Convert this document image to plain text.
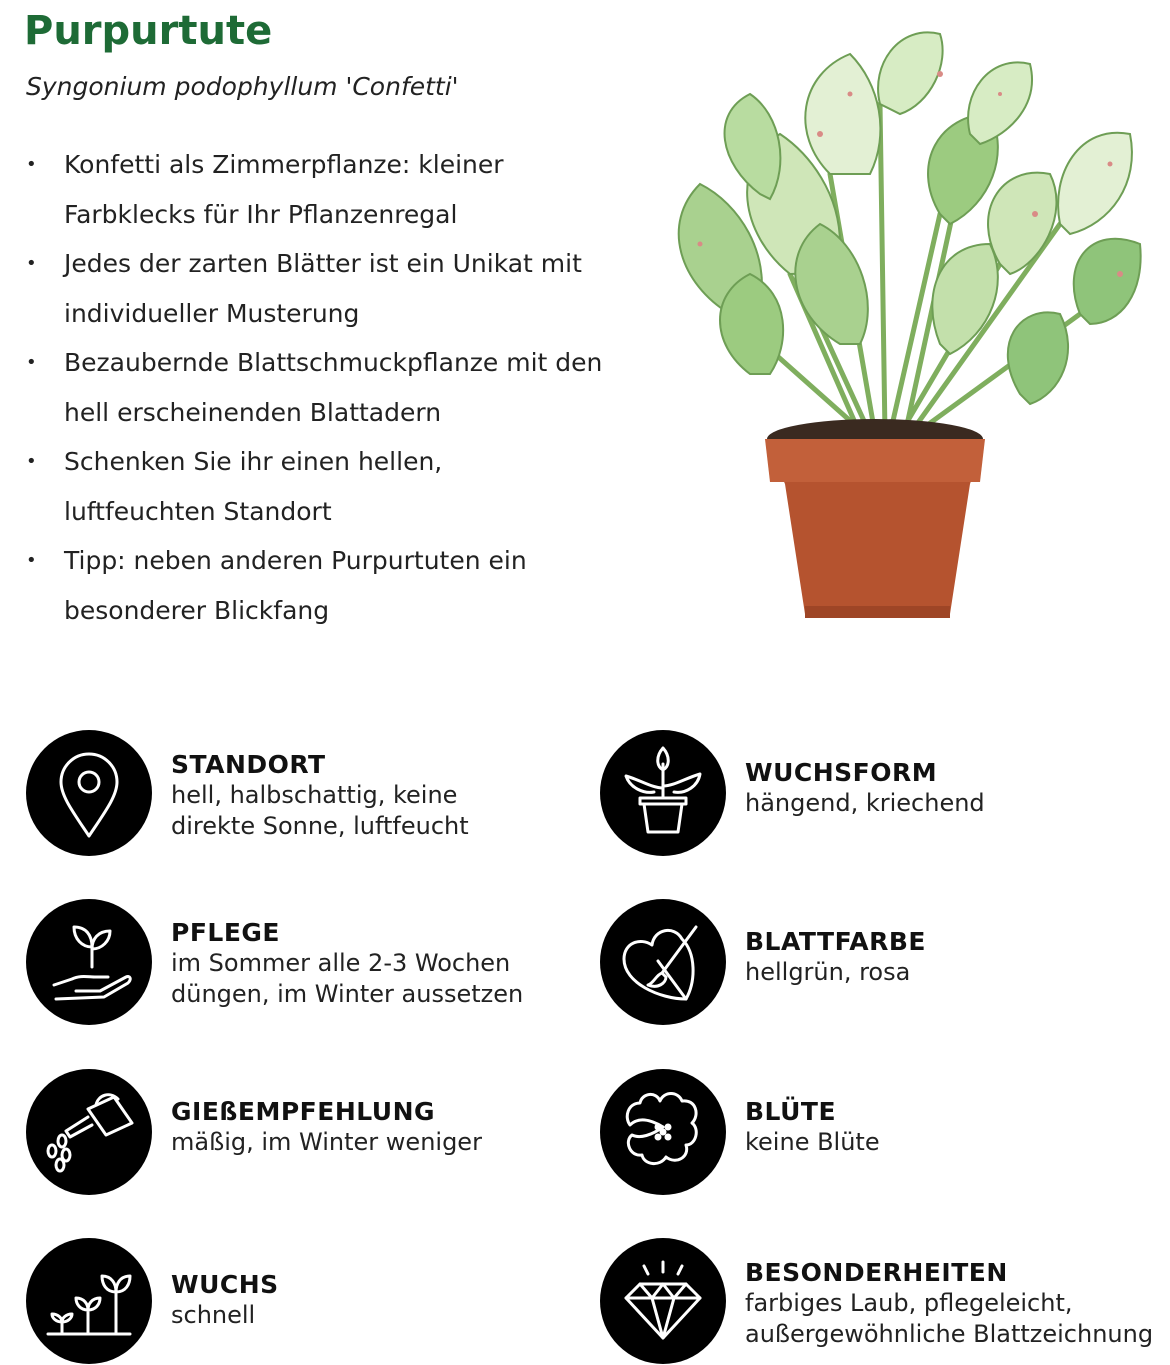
Purpurtute

Syngonium podophyllum 'Confetti'

• Konfetti als Zimmerpflanze: kleiner
Farbklecks für Ihr Pflanzenregal
• Jedes der zarten Blätter ist ein Unikat mit
individueller Musterung
• Bezaubernde Blattschmuckpflanze mit den
hell erscheinenden Blattadern
• Schenken Sie ihr einen hellen,
luftfeuchten Standort
• Tipp: neben anderen Purpurtuten ein
besonderer Blickfang
STANDORT
hell, halbschattig, keine
direkte Sonne, luftfeucht
PFLEGE
im Sommer alle 2-3 Wochen
düngen, im Winter aussetzen
GIEßEMPFEHLUNG
mäßig, im Winter weniger
WUCHS
schnell
WUCHSFORM
hängend, kriechend
BLATTFARBE
hellgrün, rosa
BLÜTE
keine Blüte
BESONDERHEITEN
farbiges Laub, pflegeleicht,
außergewöhnliche Blattzeichnung
